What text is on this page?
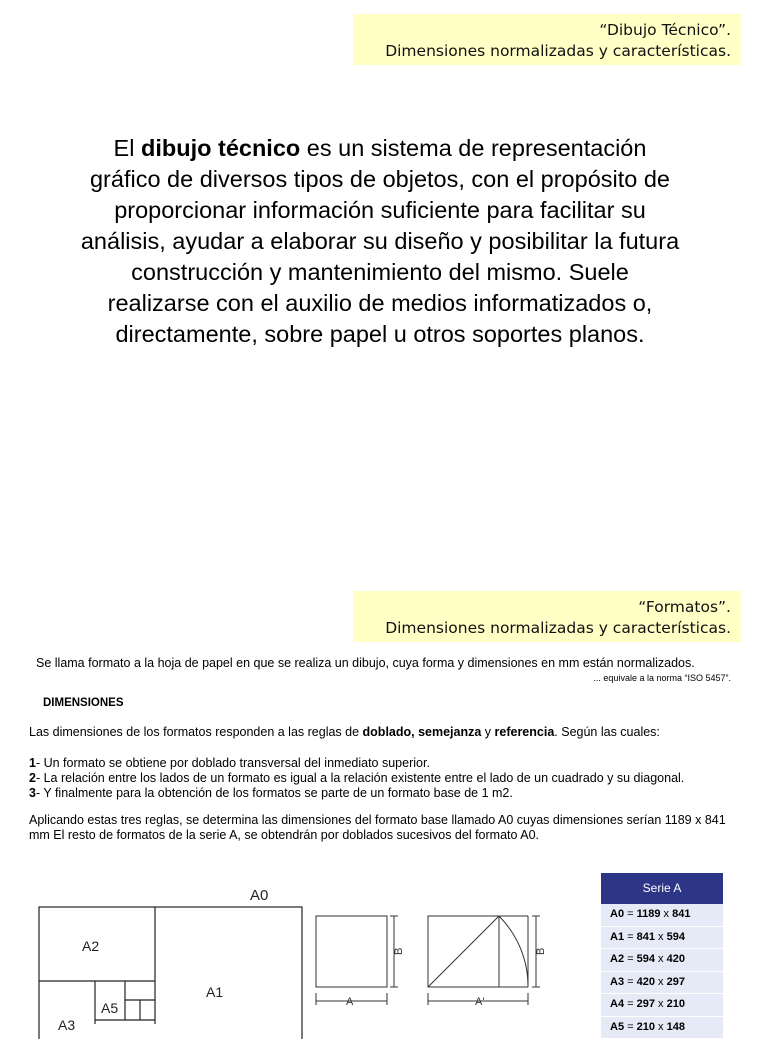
“Dibujo Técnico”.
Dimensiones normalizadas y características.
El dibujo técnico es un sistema de representación gráfico de diversos tipos de objetos, con el propósito de proporcionar información suficiente para facilitar su análisis, ayudar a elaborar su diseño y posibilitar la futura construcción y mantenimiento del mismo. Suele realizarse con el auxilio de medios informatizados o, directamente, sobre papel u otros soportes planos.
“Formatos”.
Dimensiones normalizadas y características.
Se llama formato a la hoja de papel en que se realiza un dibujo, cuya forma y dimensiones en mm están normalizados.
... equivale a la norma “ISO 5457”.
DIMENSIONES
Las dimensiones de los formatos responden a las reglas de doblado, semejanza y referencia. Según las cuales:
1- Un formato se obtiene por doblado transversal del inmediato superior.
2- La relación entre los lados de un formato es igual a la relación existente entre el lado de un cuadrado y su diagonal.
3- Y finalmente para la obtención de los formatos se parte de un formato base de 1 m2.
Aplicando estas tres reglas, se determina las dimensiones del formato base llamado A0 cuyas dimensiones serían 1189 x 841 mm El resto de formatos de la serie A, se obtendrán por doblados sucesivos del formato A0.
A0
A1
A2
A5
A3
A	A'
B	B
Serie A
A0 = 1189 x 841
A1 = 841 x 594
A2 = 594 x 420
A3 = 420 x 297
A4 = 297 x 210
A5 = 210 x 148
